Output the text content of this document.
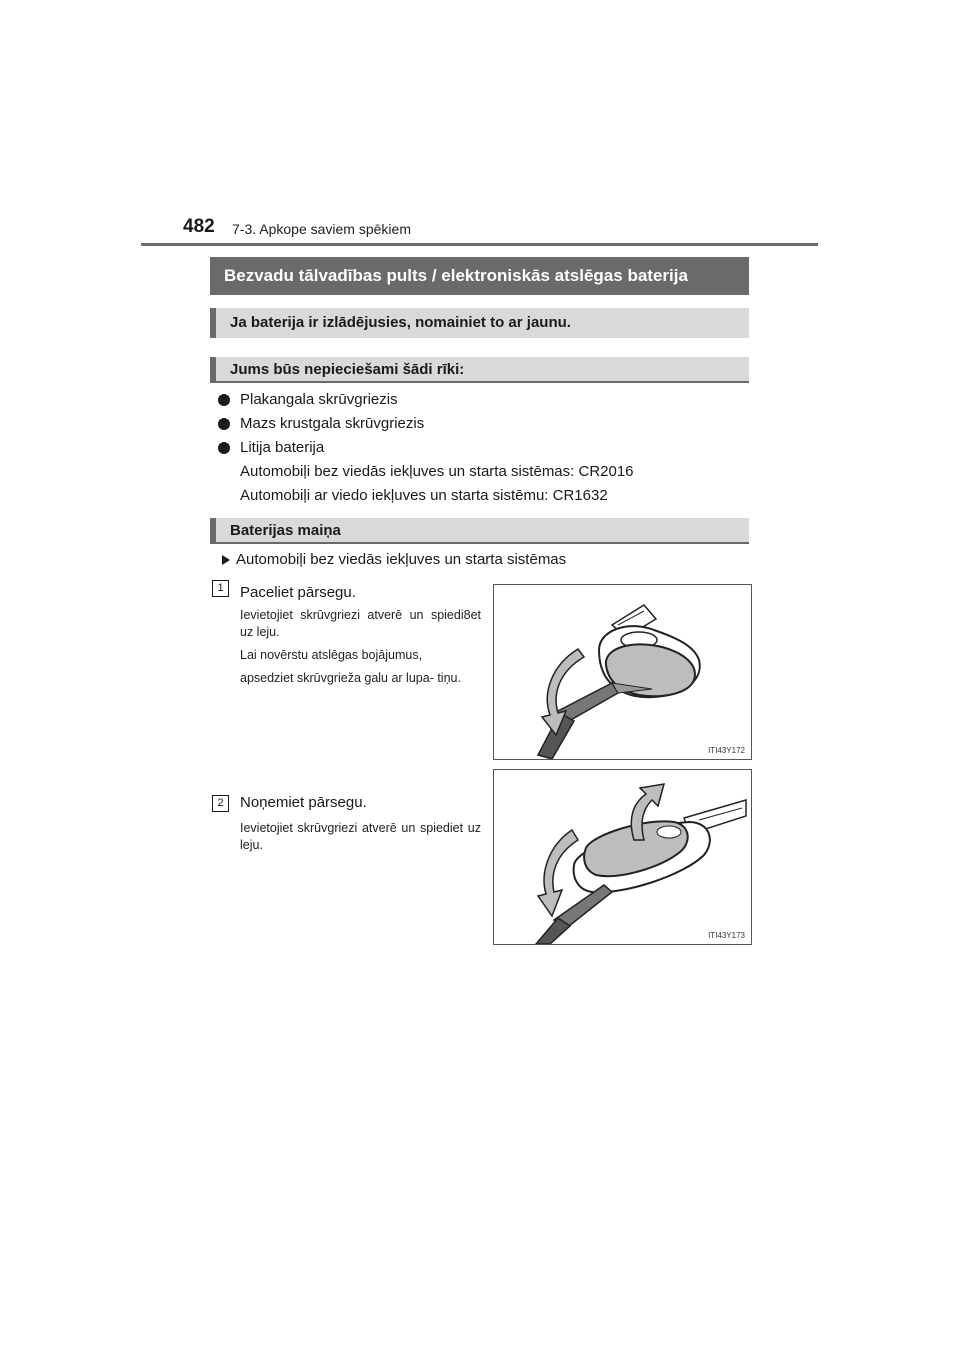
482 7-3. Apkope saviem spēkiem
Bezvadu tālvadības pults / elektroniskās atslēgas baterija
Ja baterija ir izlādējusies, nomainiet to ar jaunu.
Jums būs nepieciešami šādi rīki:
Plakangala skrūvgriezis
Mazs krustgala skrūvgriezis
Litija baterija
Automobiļi bez viedās iekļuves un starta sistēmas: CR2016
Automobiļi ar viedo iekļuves un starta sistēmu: CR1632
Baterijas maiņa
Automobiļi bez viedās iekļuves un starta sistēmas
1	Paceliet pārsegu.

Ievietojiet skrūvgriezi atverē un spiedi8et uz leju.

Lai novērstu atslēgas bojājumus,

apsedziet skrūvgrieža galu ar lupa- tiņu.

ITI43Y172
2	Noņemiet pārsegu.

Ievietojiet skrūvgriezi atverē un spiediet uz leju.

ITI43Y173
